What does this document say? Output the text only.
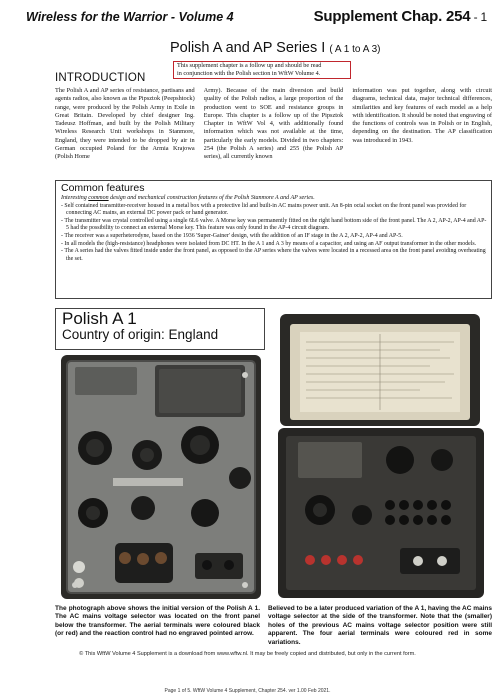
Wireless for the Warrior - Volume 4	Supplement Chap. 254 - 1
Polish A and AP Series I ( A 1 to A 3)
This supplement chapter is a follow up and should be read
in conjunction with the Polish section in WftW Volume 4.
INTRODUCTION
The Polish A and AP series of resistance, partisans and agents radios, also known as the Pipsztok (Peepshtock) range, were produced by the Polish Army in Exile in Great Britain. Developed by chief designer Ing. Tadeusz Hoffman, and built by the Polish Military Wireless Research Unit workshops in Stanmore, England, they were intended to be dropped by air in German occupied Poland for the Armia Krajowa (Polish Home
Army). Because of the main diversion and build quality of the Polish radios, a large proportion of the production went to SOE and resistance groups in Europe. This chapter is a follow up of the Pipsztok Chapter in WftW Vol 4, with additionally found information which was not available at the time, particularly the early models. Divided in two chapters: 254 (the Polish A series) and 255 (the Polish AP series), all currently known
information was put together, along with circuit diagrams, technical data, major technical differences, similarities and key features of each model as a help with identification. It should be noted that engraving of the functions of controls was in Polish or in English, depending on the destination. The AP classification was introduced in 1943.
Common features
Interesting common design and mechanical construction features of the Polish Stanmore A and AP series.
- Self contained transmitter-receiver housed in a metal box with a protective lid and built-in AC mains power unit. An 8-pin octal socket on the front panel was provided for connecting AC mains, an external DC power pack or hand generator.
- The transmitter was crystal controlled using a single 6L6 valve. A Morse key was permanently fitted on the right hand bottom side of the front panel. The A 2, AP-2, AP-4 and AP-5 had the possibility to connect an external Morse key. This feature was only found in the AP-4 circuit diagram.
- The receiver was a superheterodyne, based on the 1936 'Super-Gainer' design, with the addition of an IF stage in the A 2, AP-2, AP-4 and AP-5.
- In all models the (high-resistance) headphones were isolated from DC HT. In the A 1 and A 3 by means of a capacitor, and using an AF output transformer in the other models.
- The A series had the valves fitted inside under the front panel, as opposed to the AP series where the valves were located in a recessed area on the front panel avoiding overheating the set.
Polish A 1
Country of origin: England
The photograph above shows the initial version of the Polish A 1. The AC mains voltage selector was located on the front panel below the transformer. The aerial terminals were coloured black (or red) and the reaction control had no engraved pointed arrow.
Believed to be a later produced variation of the A 1, having the AC mains voltage selector at the side of the transformer. Note that the (smaller) holes of the previous AC mains voltage selector position were still apparent. The four aerial terminals were coloured red in some variations.
© This WftW Volume 4 Supplement is a download from www.wftw.nl. It may be freely copied and distributed, but only in the current form.
Page 1 of 5. WftW Volume 4 Supplement, Chapter 254. ver 1.00 Feb 2021.
